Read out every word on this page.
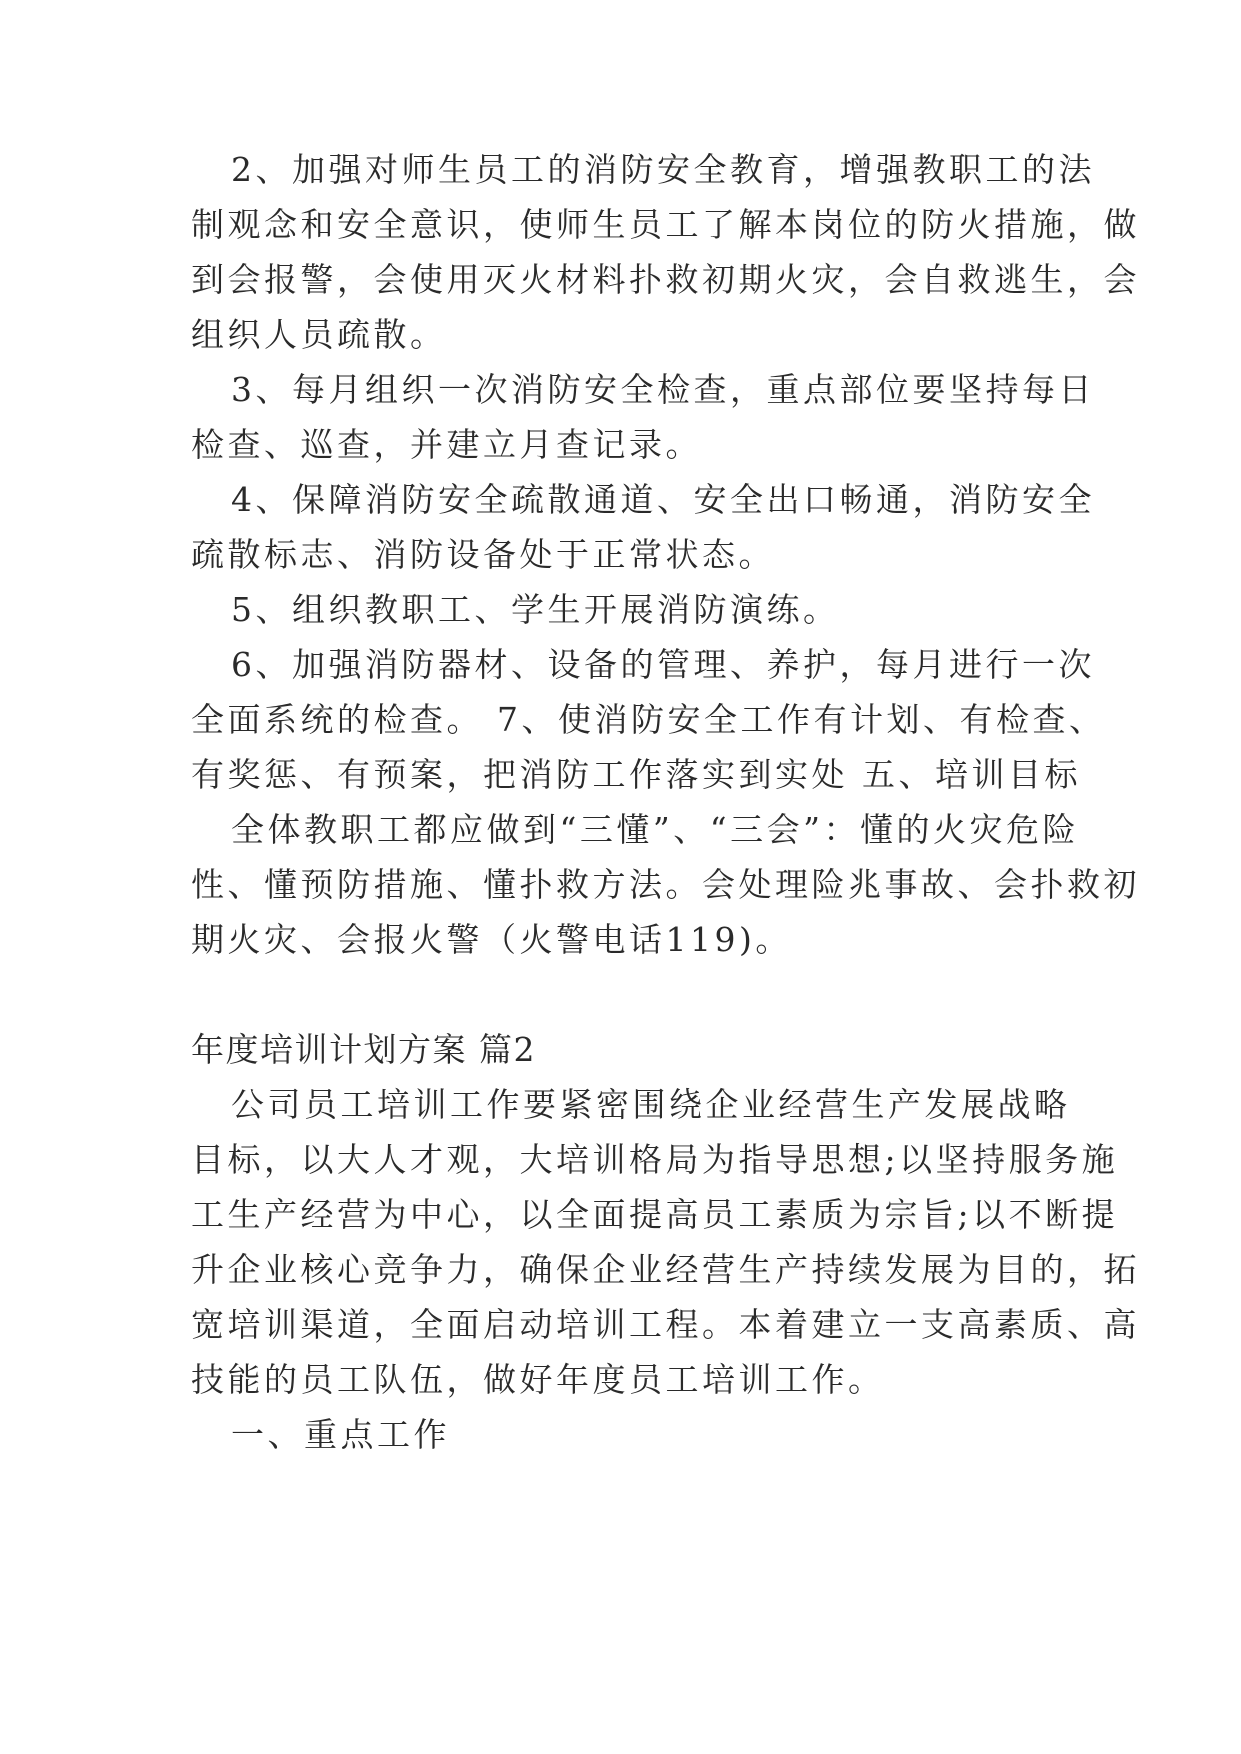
2、加强对师生员工的消防安全教育，增强教职工的法
制观念和安全意识，使师生员工了解本岗位的防火措施，做
到会报警，会使用灭火材料扑救初期火灾，会自救逃生，会
组织人员疏散。
3、每月组织一次消防安全检查，重点部位要坚持每日
检查、巡查，并建立月查记录。
4、保障消防安全疏散通道、安全出口畅通，消防安全
疏散标志、消防设备处于正常状态。
5、组织教职工、学生开展消防演练。
6、加强消防器材、设备的管理、养护，每月进行一次
全面系统的检查。 7、使消防安全工作有计划、有检查、
有奖惩、有预案，把消防工作落实到实处 五、培训目标
全体教职工都应做到“三懂”、“三会”：懂的火灾危险
性、懂预防措施、懂扑救方法。会处理险兆事故、会扑救初
期火灾、会报火警（火警电话119)。
年度培训计划方案 篇2
公司员工培训工作要紧密围绕企业经营生产发展战略
目标，以大人才观，大培训格局为指导思想;以坚持服务施
工生产经营为中心，以全面提高员工素质为宗旨;以不断提
升企业核心竞争力，确保企业经营生产持续发展为目的，拓
宽培训渠道，全面启动培训工程。本着建立一支高素质、高
技能的员工队伍，做好年度员工培训工作。
一、重点工作
